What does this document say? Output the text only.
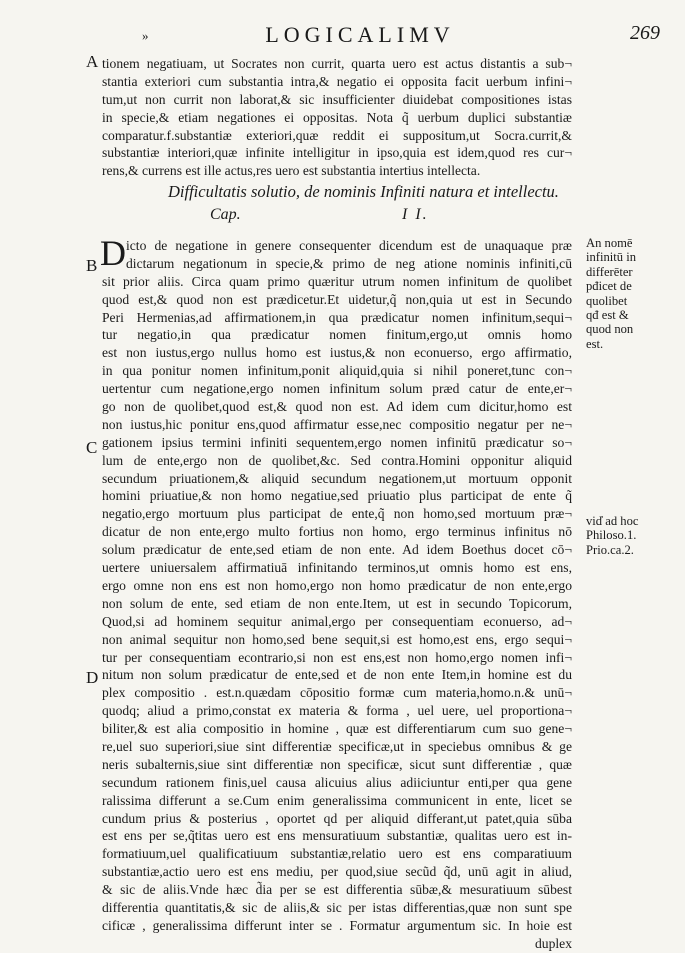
»	LOGICALIMV	269
A tionem negatiuam, ut Socrates non currit, quarta uero est actus distantis a sub¬
stantia exteriori cum substantia intra,& negatio ei opposita facit uerbum infini¬
tum,ut non currit non laborat,& sic insufficienter diuidebat compositiones istas
in specie,& etiam negationes ei oppositas. Nota q̃ uerbum duplici substantiæ
comparatur.f.substantiæ exteriori,quæ reddit ei suppositum,ut Socra.currit,&
substantiæ interiori,quæ infinite intelligitur in ipso,quia est idem,quod res cur¬
rens,& currens est ille actus,res uero est substantia intertius intellecta.
Difficultatis solutio, de nominis Infiniti natura et intellectu.
Cap.	I I.
D
B
C
D
icto de negatione in genere consequenter dicendum est de unaquaque præ
dictarum negationum in specie,& primo de neg atione nominis infiniti,cū
sit prior aliis. Circa quam primo quæritur utrum nomen infinitum de quolibet
quod est,& quod non est prædicetur.Et uidetur,q̃ non,quia ut est in Secundo
Peri Hermenias,ad affirmationem,in qua prædicatur nomen infinitum,sequi¬
tur negatio,in qua prædicatur nomen finitum,ergo,ut omnis homo
est non iustus,ergo nullus homo est iustus,& non econuerso, ergo affirmatio,
in qua ponitur nomen infinitum,ponit aliquid,quia si nihil poneret,tunc con¬
uertentur cum negatione,ergo nomen infinitum solum præd catur de ente,er¬
go non de quolibet,quod est,& quod non est. Ad idem cum dicitur,homo est
non iustus,hic ponitur ens,quod affirmatur esse,nec compositio negatur per ne¬
gationem ipsius termini infiniti sequentem,ergo nomen infinitū prædicatur so¬
lum de ente,ergo non de quolibet,&c. Sed contra.Homini opponitur aliquid
secundum priuationem,& aliquid secundum negationem,ut mortuum opponit
homini priuatiue,& non homo negatiue,sed priuatio plus participat de ente q̃
negatio,ergo mortuum plus participat de ente,q̃ non homo,sed mortuum præ¬
dicatur de non ente,ergo multo fortius non homo, ergo terminus infinitus nō
solum prædicatur de ente,sed etiam de non ente. Ad idem Boethus docet cō¬
uertere uniuersalem affirmatiuā infinitando terminos,ut omnis homo est ens,
ergo omne non ens est non homo,ergo non homo prædicatur de non ente,ergo
non solum de ente, sed etiam de non ente.Item, ut est in secundo Topicorum,
Quod,si ad hominem sequitur animal,ergo per consequentiam econuerso, ad¬
non animal sequitur non homo,sed bene sequit,si est homo,est ens, ergo sequi¬
tur per consequentiam econtrario,si non est ens,est non homo,ergo nomen infi¬
nitum non solum prædicatur de ente,sed et de non ente Item,in homine est du
plex compositio . est.n.quædam cōpositio formæ cum materia,homo.n.& unū¬
quodq; aliud a primo,constat ex materia & forma , uel uere, uel proportiona¬
biliter,& est alia compositio in homine , quæ est differentiarum cum suo gene¬
re,uel suo superiori,siue sint differentiæ specificæ,ut in speciebus omnibus & ge
neris subalternis,siue sint differentiæ non specificæ, sicut sunt differentiæ , quæ
secundum rationem finis,uel causa alicuius alius adiiciuntur enti,per qua gene
ralissima differunt a se.Cum enim generalissima communicent in ente, licet se
cundum prius & posterius , oportet qd per aliquid differant,ut patet,quia sūba
est ens per se,q̃titas uero est ens mensuratiuum substantiæ, qualitas uero est in-
formatiuum,uel qualificatiuum substantiæ,relatio uero est ens comparatiuum
substantiæ,actio uero est ens mediu, per quod,siue secũd q̃d, unū agit in aliud,
& sic de aliis.Vnde hæc d̃ia per se est differentia sūbæ,& mesuratiuum sūbest
differentia quantitatis,& sic de aliis,& sic per istas differentias,quæ non sunt spe
cificæ , generalissima differunt inter se . Formatur argumentum sic. In hoie est
duplex
An nomē
infinitū in
differēter
pđicet de
quolibet
qđ est &
quod non
est.
vid̓ ad hoc
Philoso.1.
Prio.ca.2.
